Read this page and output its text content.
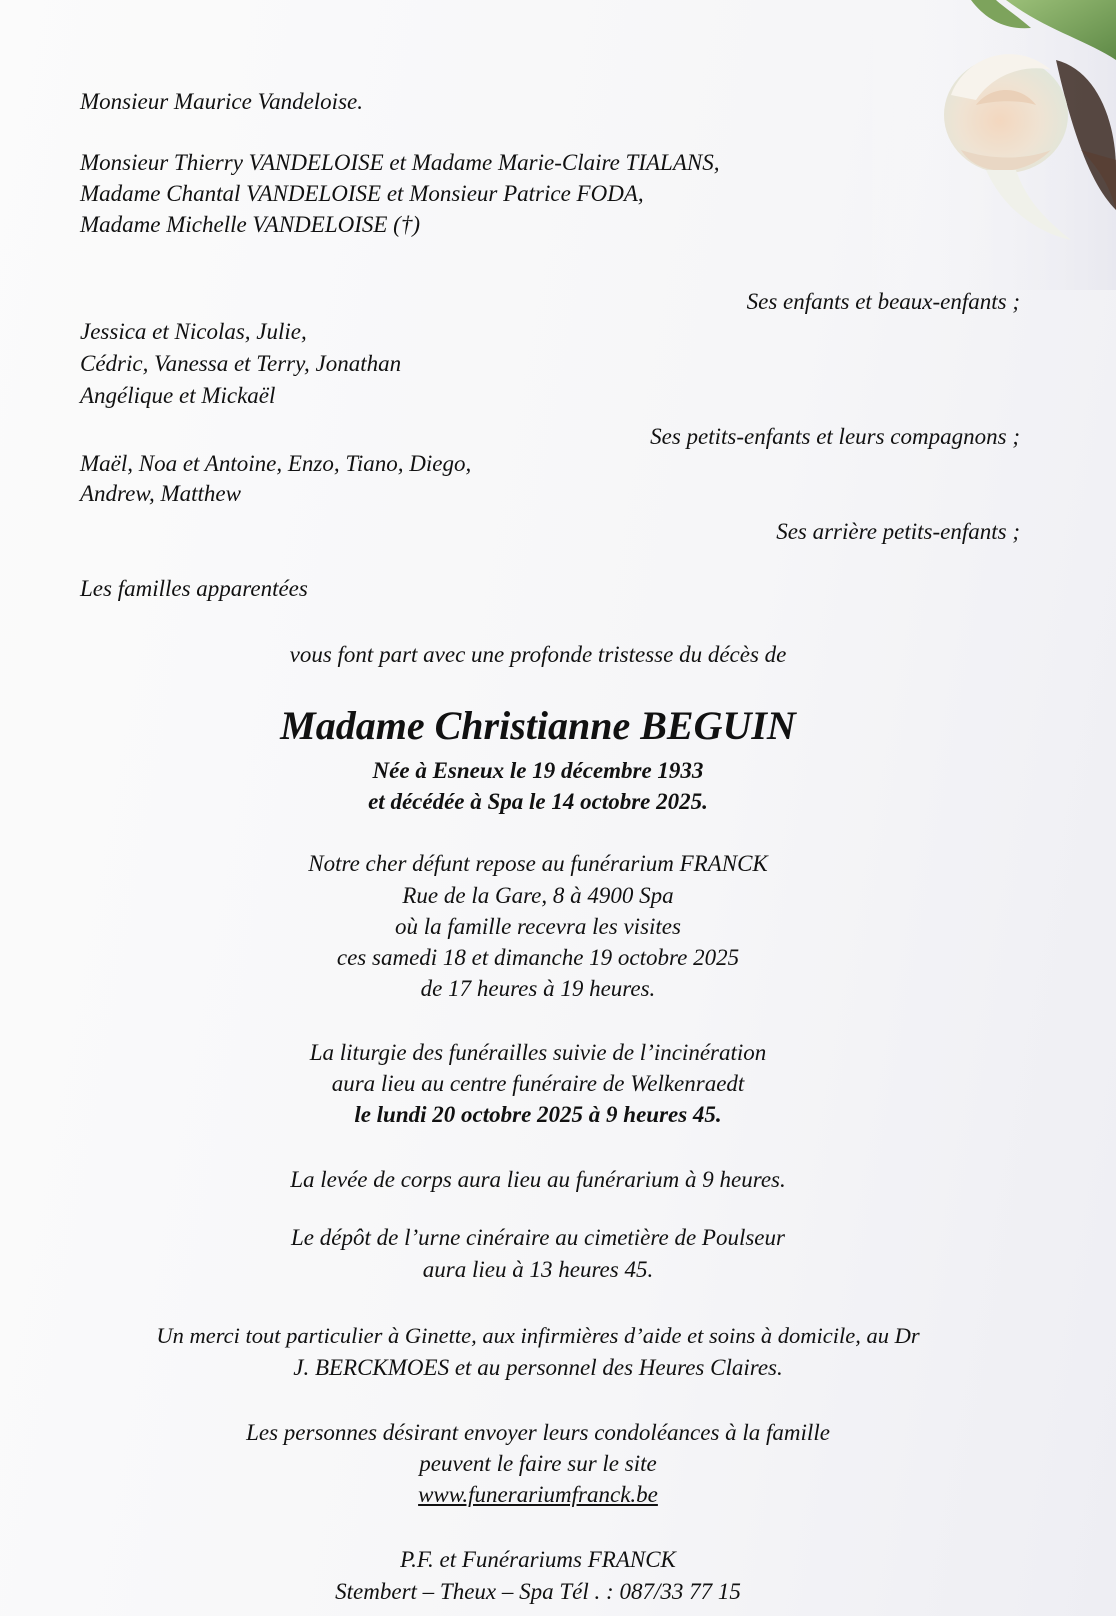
Monsieur Maurice Vandeloise.

Monsieur Thierry VANDELOISE et Madame Marie-Claire TIALANS,

Madame Chantal VANDELOISE et Monsieur Patrice FODA,

Madame Michelle VANDELOISE (†)

Ses enfants et beaux-enfants ;

Jessica et Nicolas, Julie,

Cédric, Vanessa et Terry, Jonathan

Angélique et Mickaël

Ses petits-enfants et leurs compagnons ;

Maël, Noa et Antoine, Enzo, Tiano, Diego,

Andrew, Matthew

Ses arrière petits-enfants ;

Les familles apparentées

vous font part avec une profonde tristesse du décès de

Madame Christianne BEGUIN

Née à Esneux le 19 décembre 1933

et décédée à Spa le 14 octobre 2025.

Notre cher défunt repose au funérarium FRANCK

Rue de la Gare, 8 à 4900 Spa

où la famille recevra les visites

ces samedi 18 et dimanche 19 octobre 2025

de 17 heures à 19 heures.

La liturgie des funérailles suivie de l’incinération

aura lieu au centre funéraire de Welkenraedt

le lundi 20 octobre 2025 à 9 heures 45.

La levée de corps aura lieu au funérarium à 9 heures.

Le dépôt de l’urne cinéraire au cimetière de Poulseur

aura lieu à 13 heures 45.

Un merci tout particulier à Ginette, aux infirmières d’aide et soins à domicile, au Dr

J. BERCKMOES et au personnel des Heures Claires.

Les personnes désirant envoyer leurs condoléances à la famille

peuvent le faire sur le site

www.funerariumfranck.be

P.F. et Funérariums FRANCK

Stembert – Theux – Spa Tél . : 087/33 77 15
